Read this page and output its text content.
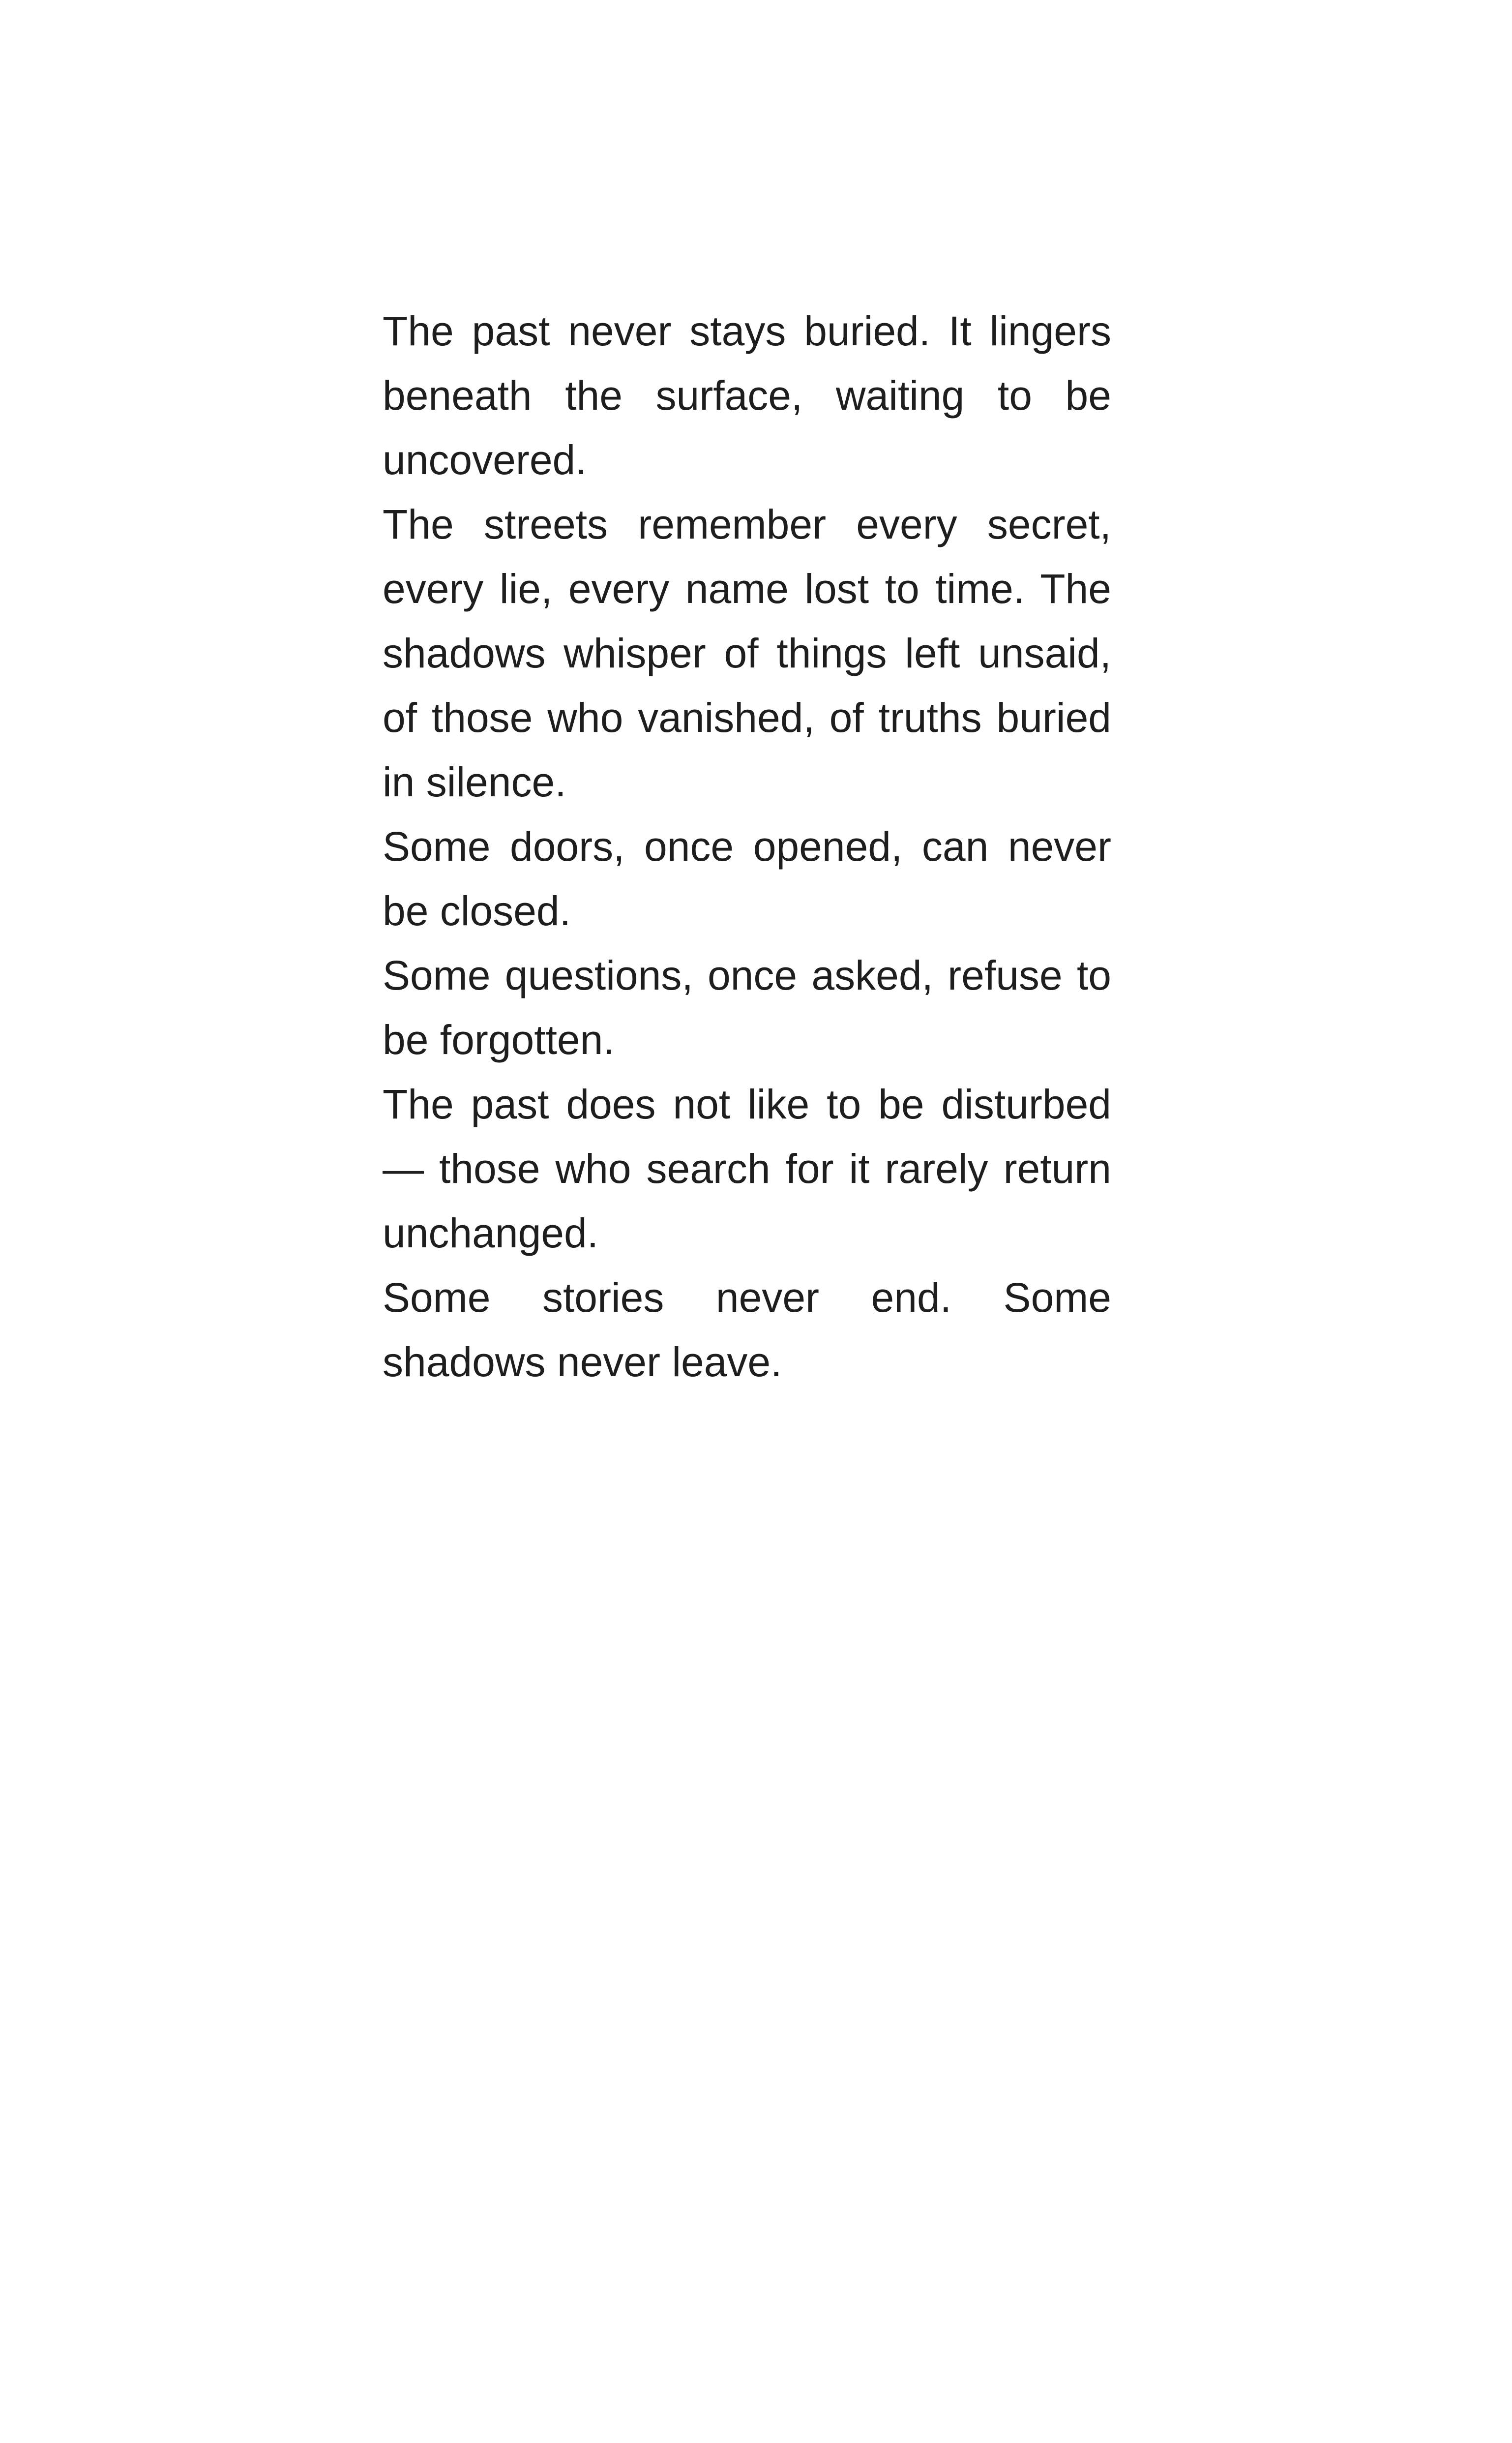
The past never stays buried. It lingers beneath the surface, waiting to be uncovered.

The streets remember every secret, every lie, every name lost to time. The shadows whisper of things left unsaid, of those who vanished, of truths buried in silence.

Some doors, once opened, can never be closed.

Some questions, once asked, refuse to be forgotten.

The past does not like to be disturbed— those who search for it rarely return unchanged.

Some stories never end. Some shadows never leave.
